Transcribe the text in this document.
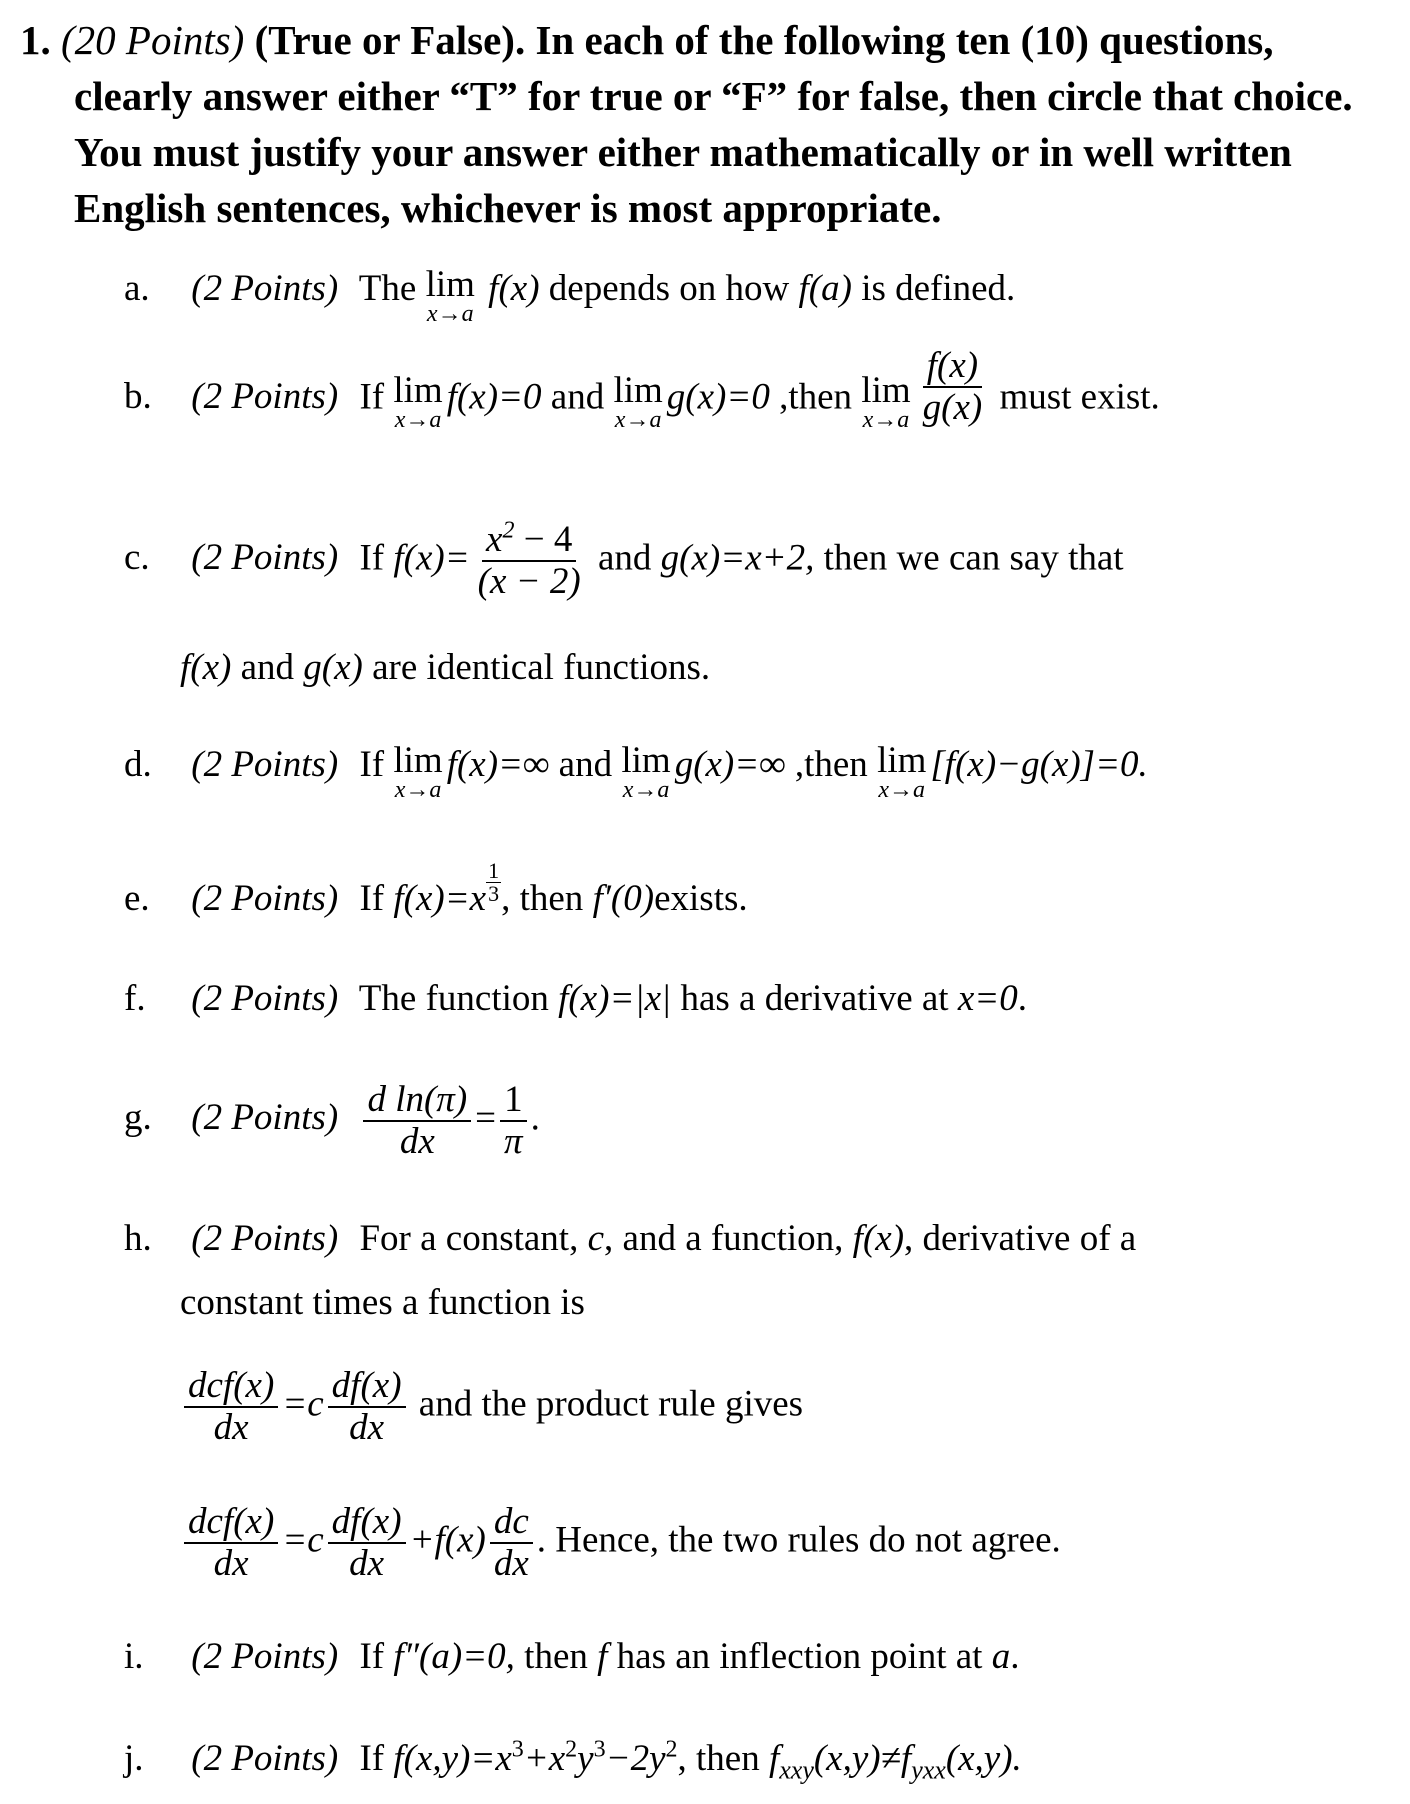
1. (20 Points) (True or False). In each of the following ten (10) questions,
clearly answer either “T” for true or “F” for false, then circle that choice.
You must justify your answer either mathematically or in well written
English sentences, whichever is most appropriate.
a. (2 Points) The lim
x→a
f(x) depends on how f(a) is defined.
b. (2 Points) If lim
x→a
f(x)=0 and lim
x→a
g(x)=0 ,then lim
$x\to a \frac{f(x)}{g(x)}$ must exist.
c. (2 Points) If $f(x)= \frac{x^2 - 4}{(x - 2)}$ and g(x)=x+2, then we can say that
f(x) and g(x) are identical functions.
d. (2 Points) If lim
x→a
f(x)=∞ and lim
x→a
g(x)=∞ ,then lim
x→a
[f(x)−g(x)]=0.
e. (2 Points) If $f(x)=x \frac{1}{3}$ , then f′(0)exists.
f. (2 Points) The function f(x)=|x| has a derivative at x=0.
g. (2 Points) $\frac{\text{d ln(π)}}{dx} = \frac{1}{\pi}$ .
h. (2 Points) For a constant, c, and a function, f(x), derivative of a
constant times a function is
$\frac{\text{dcf(x)}}{dx} =c \frac{df(x)}{dx}$ and the product rule gives
$\frac{\text{dcf(x)}}{dx} =c \frac{df(x)}{dx} +f(x) \frac{dc}{dx}$ . Hence, the two rules do not agree.
i. (2 Points) If f″(a)=0, then f has an inflection point at a.
j. (2 Points) If $f(x,y)=x^3+x^2y^3-2y^2$, then $f_{xxy}(x,y)\ne f_{yxx}(x,y)$.
